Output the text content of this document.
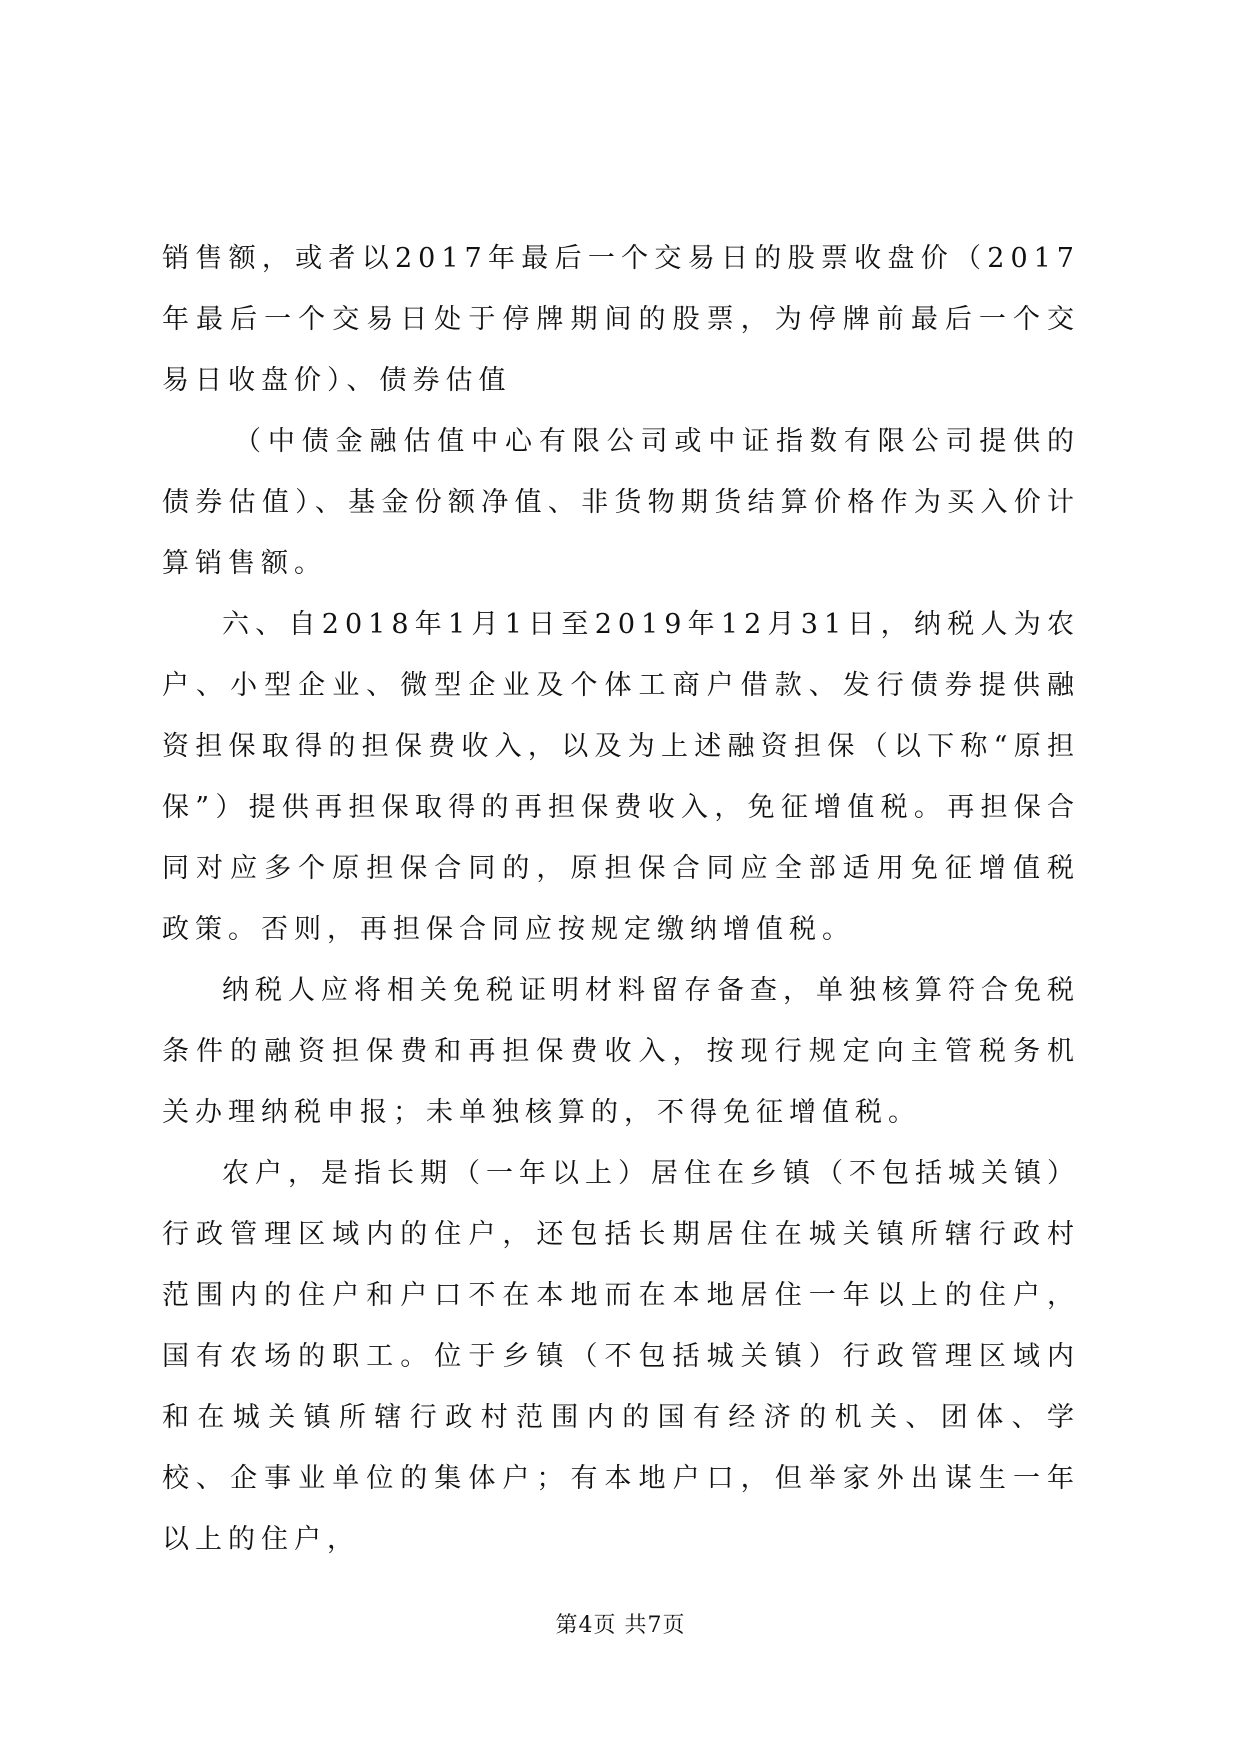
销售额，或者以2017年最后一个交易日的股票收盘价（2017年最后一个交易日处于停牌期间的股票，为停牌前最后一个交易日收盘价）、债券估值

（中债金融估值中心有限公司或中证指数有限公司提供的债券估值）、基金份额净值、非货物期货结算价格作为买入价计算销售额。

六、自2018年1月1日至2019年12月31日，纳税人为农户、小型企业、微型企业及个体工商户借款、发行债券提供融资担保取得的担保费收入，以及为上述融资担保（以下称“原担保”）提供再担保取得的再担保费收入，免征增值税。再担保合同对应多个原担保合同的，原担保合同应全部适用免征增值税政策。否则，再担保合同应按规定缴纳增值税。

纳税人应将相关免税证明材料留存备查，单独核算符合免税条件的融资担保费和再担保费收入，按现行规定向主管税务机关办理纳税申报；未单独核算的，不得免征增值税。

农户，是指长期（一年以上）居住在乡镇（不包括城关镇）行政管理区域内的住户，还包括长期居住在城关镇所辖行政村范围内的住户和户口不在本地而在本地居住一年以上的住户，国有农场的职工。位于乡镇（不包括城关镇）行政管理区域内和在城关镇所辖行政村范围内的国有经济的机关、团体、学校、企事业单位的集体户；有本地户口，但举家外出谋生一年以上的住户，

第4页 共7页
